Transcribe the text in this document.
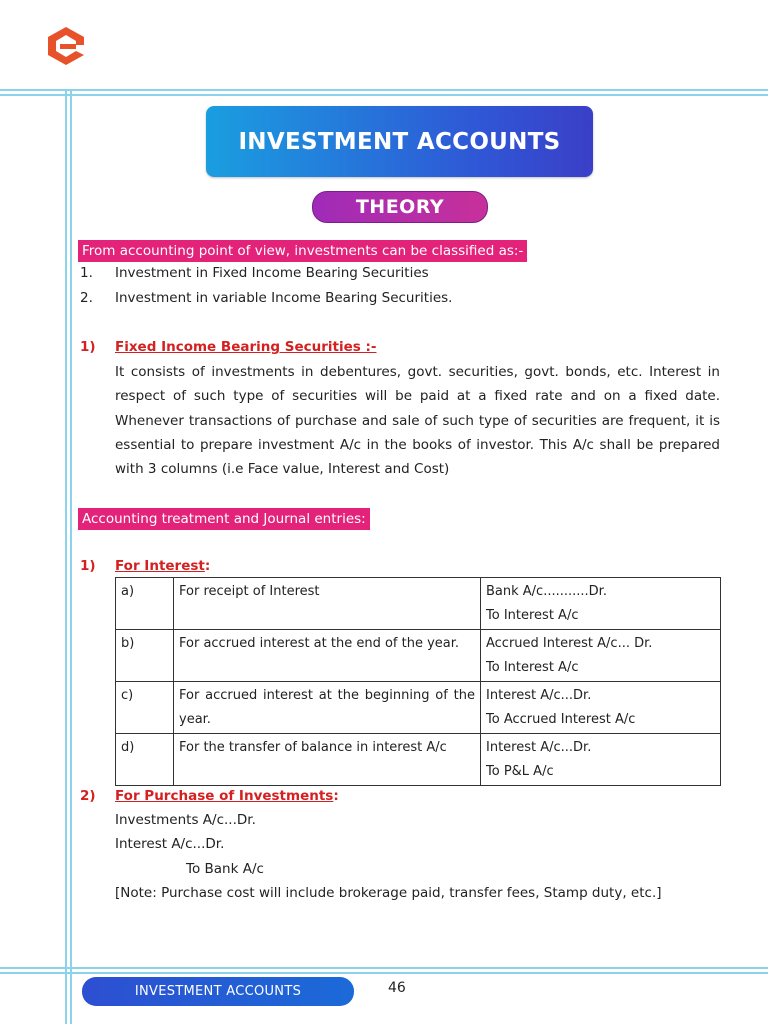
INVESTMENT ACCOUNTS
THEORY
From accounting point of view, investments can be classified as:-
1. Investment in Fixed Income Bearing Securities
2. Investment in variable Income Bearing Securities.
1) Fixed Income Bearing Securities :-
It consists of investments in debentures, govt. securities, govt. bonds, etc. Interest in respect of such type of securities will be paid at a fixed rate and on a fixed date. Whenever transactions of purchase and sale of such type of securities are frequent, it is essential to prepare investment A/c in the books of investor. This A/c shall be prepared with 3 columns (i.e Face value, Interest and Cost)
Accounting treatment and Journal entries:
1) For Interest:
a)	For receipt of Interest	Bank A/c...........Dr.
To Interest A/c

b)	For accrued interest at the end of the year.	Accrued Interest A/c... Dr.
To Interest A/c

c)	For accrued interest at the beginning of the year.	Interest A/c...Dr.
To Accrued Interest A/c

d)	For the transfer of balance in interest A/c	Interest A/c...Dr.
To P&L A/c
2) For Purchase of Investments:
Investments A/c...Dr.
Interest A/c...Dr.
To Bank A/c
[Note: Purchase cost will include brokerage paid, transfer fees, Stamp duty, etc.]
INVESTMENT ACCOUNTS	46
